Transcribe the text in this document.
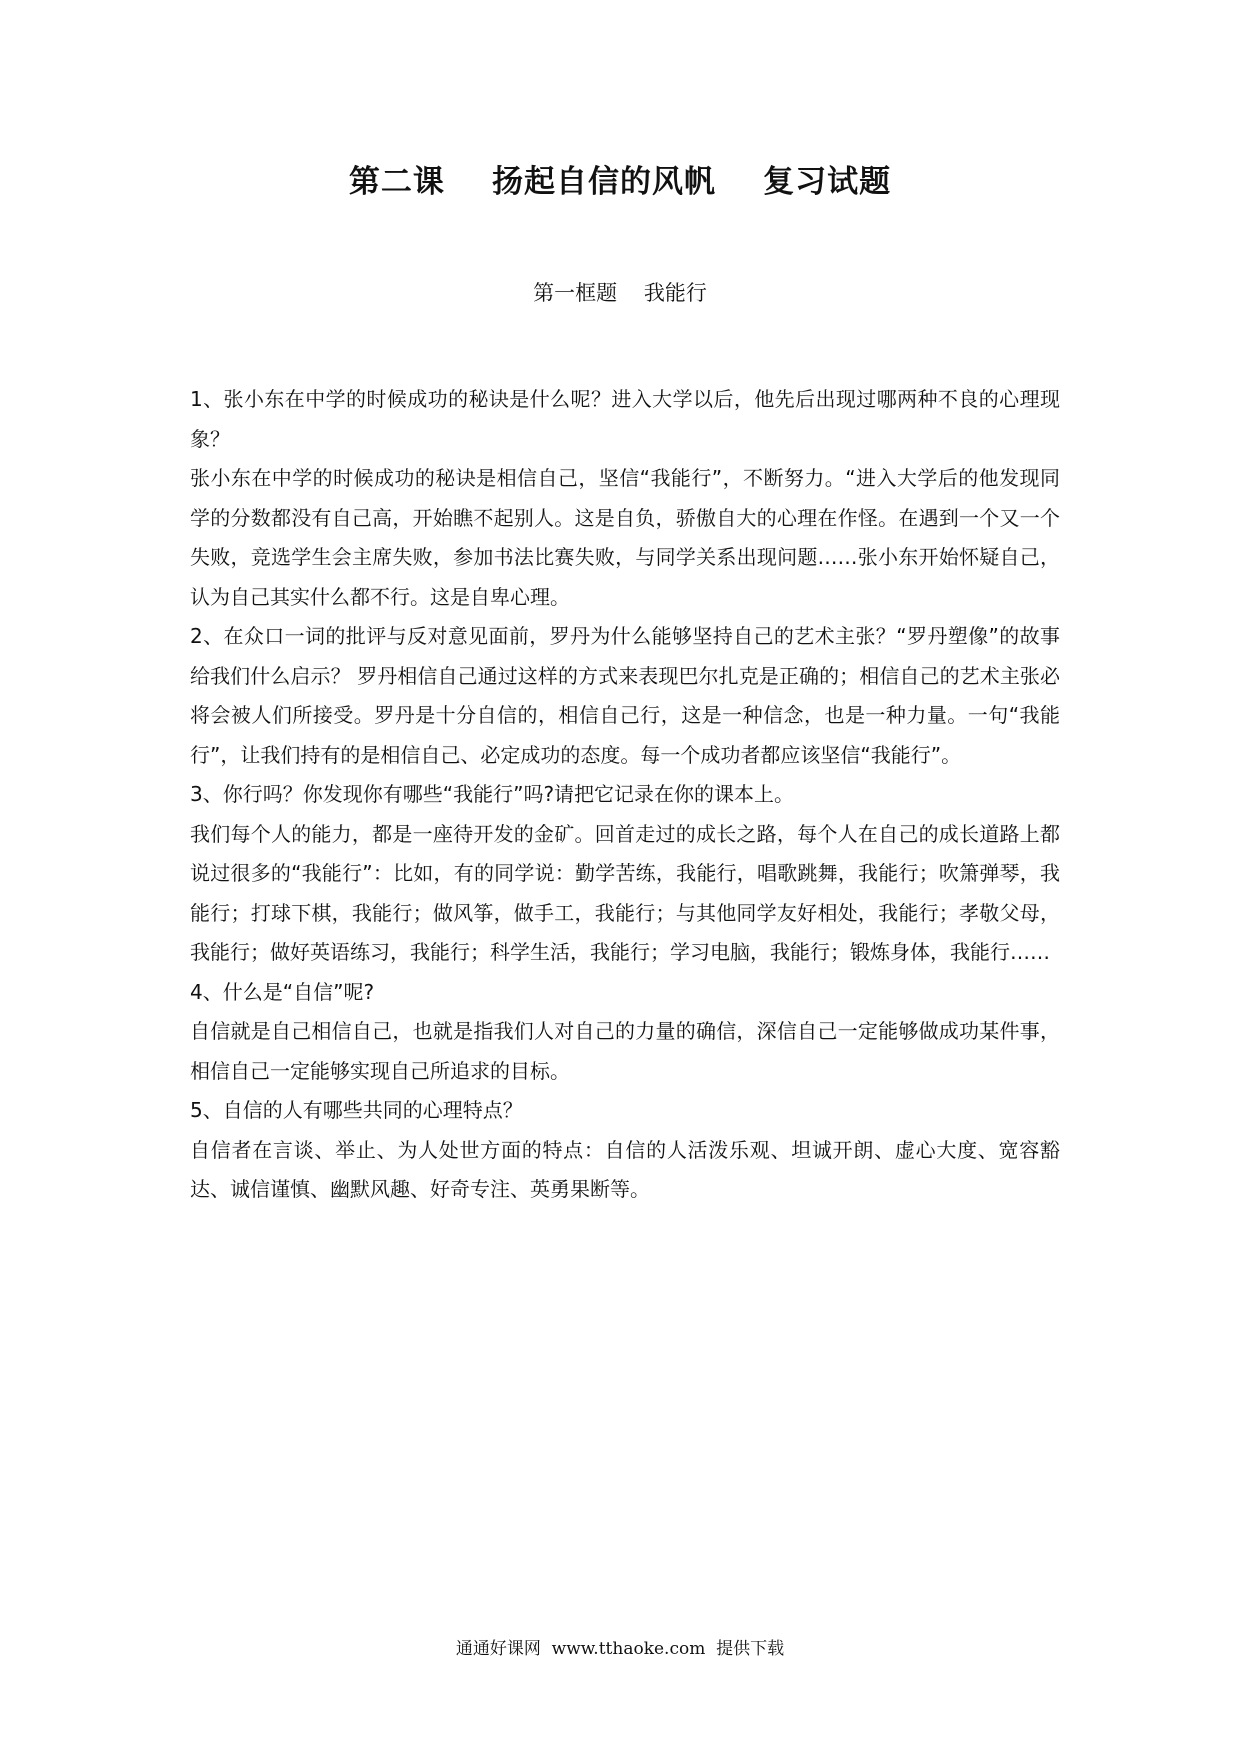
第二课    扬起自信的风帆    复习试题
第一框题    我能行

1、张小东在中学的时候成功的秘诀是什么呢？进入大学以后，他先后出现过哪两种不良的心理现象？

张小东在中学的时候成功的秘诀是相信自己，坚信“我能行”，不断努力。“进入大学后的他发现同学的分数都没有自己高，开始瞧不起别人。这是自负，骄傲自大的心理在作怪。在遇到一个又一个失败，竞选学生会主席失败，参加书法比赛失败，与同学关系出现问题……张小东开始怀疑自己，认为自己其实什么都不行。这是自卑心理。

2、在众口一词的批评与反对意见面前，罗丹为什么能够坚持自己的艺术主张？“罗丹塑像”的故事给我们什么启示？ 罗丹相信自己通过这样的方式来表现巴尔扎克是正确的；相信自己的艺术主张必将会被人们所接受。罗丹是十分自信的，相信自己行，这是一种信念，也是一种力量。一句“我能行”，让我们持有的是相信自己、必定成功的态度。每一个成功者都应该坚信“我能行”。

3、你行吗？你发现你有哪些“我能行”吗?请把它记录在你的课本上。

我们每个人的能力，都是一座待开发的金矿。回首走过的成长之路，每个人在自己的成长道路上都说过很多的“我能行”：比如，有的同学说：勤学苦练，我能行，唱歌跳舞，我能行；吹箫弹琴，我能行；打球下棋，我能行；做风筝，做手工，我能行；与其他同学友好相处，我能行；孝敬父母，我能行；做好英语练习，我能行；科学生活，我能行；学习电脑，我能行；锻炼身体，我能行……

4、什么是“自信”呢?

自信就是自己相信自己，也就是指我们人对自己的力量的确信，深信自己一定能够做成功某件事，相信自己一定能够实现自己所追求的目标。

5、自信的人有哪些共同的心理特点？

自信者在言谈、举止、为人处世方面的特点：自信的人活泼乐观、坦诚开朗、虚心大度、宽容豁达、诚信谨慎、幽默风趣、好奇专注、英勇果断等。

通通好课网  www.tthaoke.com  提供下载
